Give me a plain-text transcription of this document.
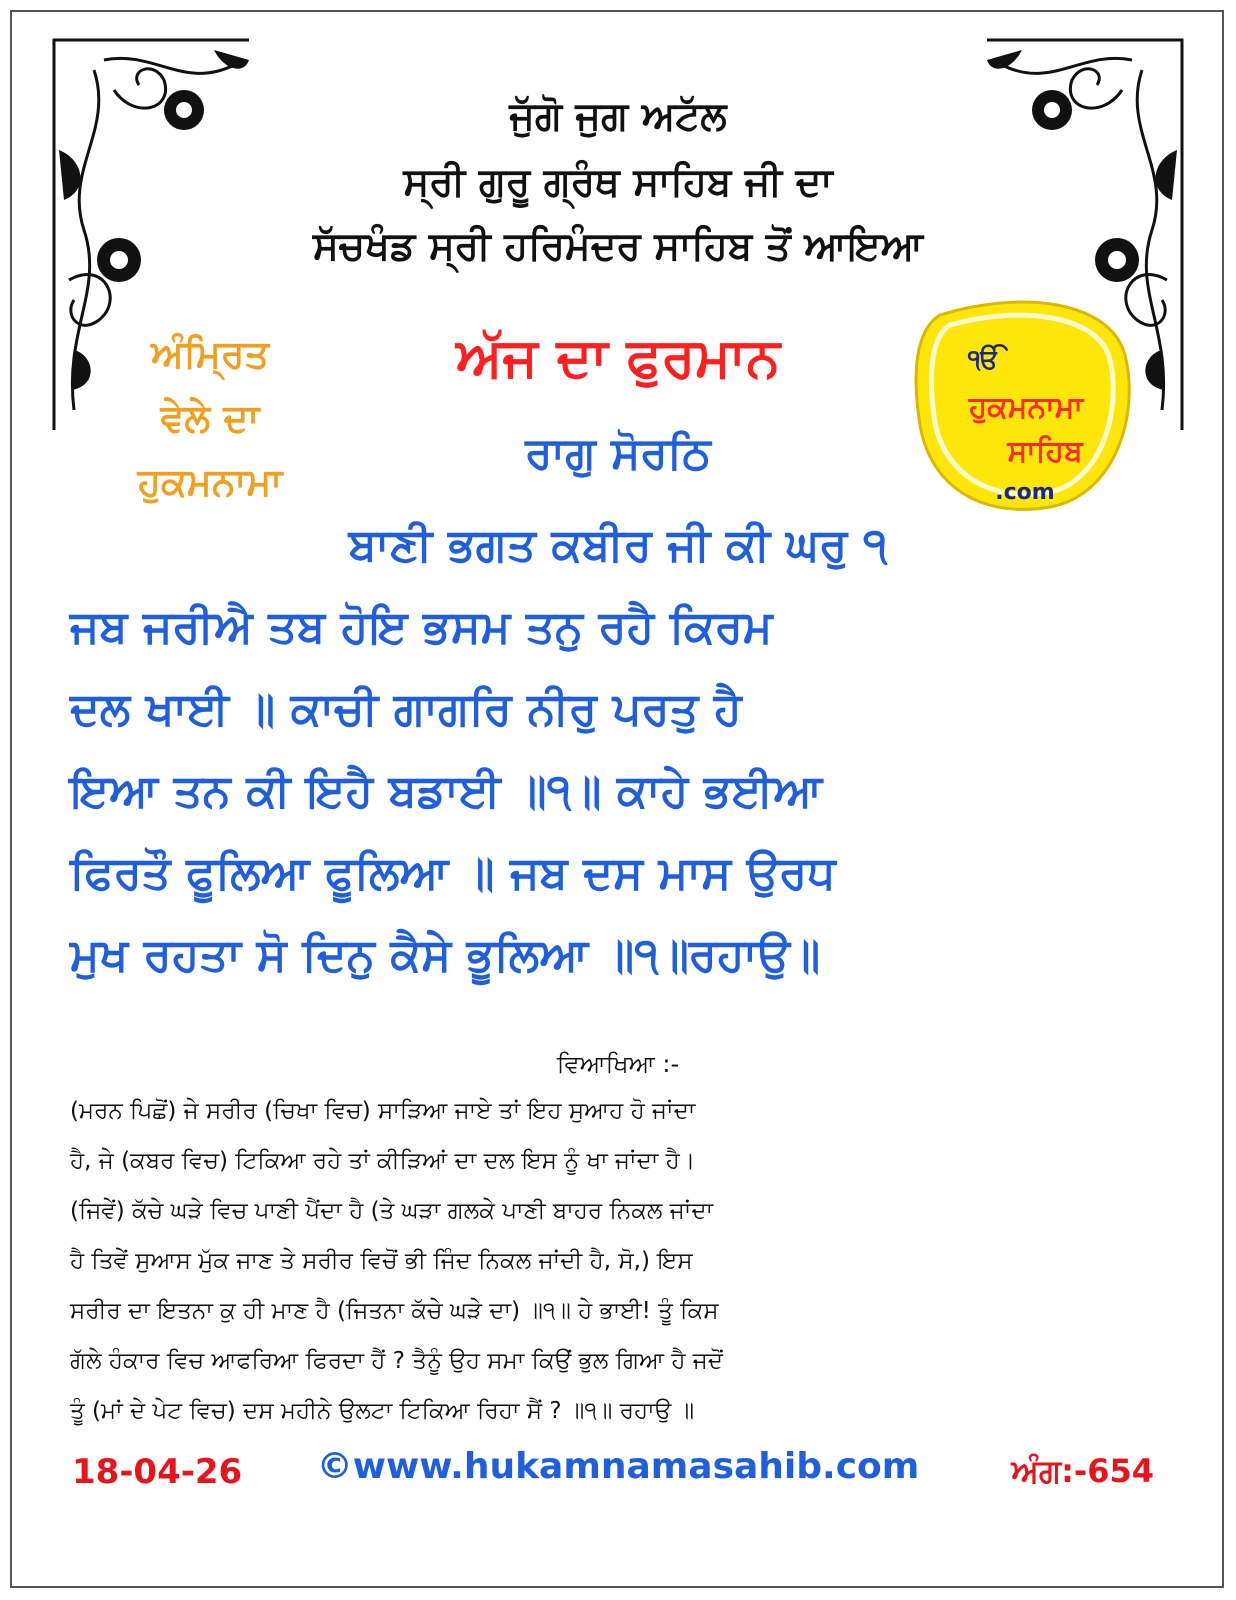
ਜੁੱਗੋ ਜੁਗ ਅਟੱਲ
ਸ੍ਰੀ ਗੁਰੂ ਗ੍ਰੰਥ ਸਾਹਿਬ ਜੀ ਦਾ
ਸੱਚਖੰਡ ਸ੍ਰੀ ਹਰਿਮੰਦਰ ਸਾਹਿਬ ਤੋਂ ਆਇਆ
ਅੰਮ੍ਰਿਤ
ਵੇਲੇ ਦਾ
ਹੁਕਮਨਾਮਾ
ਅੱਜ ਦਾ ਫੁਰਮਾਨ
ਰਾਗੁ ਸੋਰਠਿ
ੴ
ਹੁਕਮਨਾਮਾ
ਸਾਹਿਬ
.com
ਬਾਣੀ ਭਗਤ ਕਬੀਰ ਜੀ ਕੀ ਘਰੁ ੧
ਜਬ ਜਰੀਐ ਤਬ ਹੋਇ ਭਸਮ ਤਨੁ ਰਹੈ ਕਿਰਮ
ਦਲ ਖਾਈ ॥ ਕਾਚੀ ਗਾਗਰਿ ਨੀਰੁ ਪਰਤੁ ਹੈ
ਇਆ ਤਨ ਕੀ ਇਹੈ ਬਡਾਈ ॥੧॥ ਕਾਹੇ ਭਈਆ
ਫਿਰਤੌ ਫੂਲਿਆ ਫੂਲਿਆ ॥ ਜਬ ਦਸ ਮਾਸ ਉਰਧ
ਮੁਖ ਰਹਤਾ ਸੋ ਦਿਨੁ ਕੈਸੇ ਭੂਲਿਆ ॥੧॥ਰਹਾਉ॥
ਵਿਆਖਿਆ :-
(ਮਰਨ ਪਿਛੋਂ) ਜੇ ਸਰੀਰ (ਚਿਖਾ ਵਿਚ) ਸਾੜਿਆ ਜਾਏ ਤਾਂ ਇਹ ਸੁਆਹ ਹੋ ਜਾਂਦਾ
ਹੈ, ਜੇ (ਕਬਰ ਵਿਚ) ਟਿਕਿਆ ਰਹੇ ਤਾਂ ਕੀੜਿਆਂ ਦਾ ਦਲ ਇਸ ਨੂੰ ਖਾ ਜਾਂਦਾ ਹੈ।
(ਜਿਵੇਂ) ਕੱਚੇ ਘੜੇ ਵਿਚ ਪਾਣੀ ਪੈਂਦਾ ਹੈ (ਤੇ ਘੜਾ ਗਲਕੇ ਪਾਣੀ ਬਾਹਰ ਨਿਕਲ ਜਾਂਦਾ
ਹੈ ਤਿਵੇਂ ਸੁਆਸ ਮੁੱਕ ਜਾਣ ਤੇ ਸਰੀਰ ਵਿਚੋਂ ਭੀ ਜਿੰਦ ਨਿਕਲ ਜਾਂਦੀ ਹੈ, ਸੋ,) ਇਸ
ਸਰੀਰ ਦਾ ਇਤਨਾ ਕੁ ਹੀ ਮਾਣ ਹੈ (ਜਿਤਨਾ ਕੱਚੇ ਘੜੇ ਦਾ) ॥੧॥ ਹੇ ਭਾਈ! ਤੂੰ ਕਿਸ
ਗੱਲੇ ਹੰਕਾਰ ਵਿਚ ਆਫਰਿਆ ਫਿਰਦਾ ਹੈਂ ? ਤੈਨੂੰ ਉਹ ਸਮਾ ਕਿਉਂ ਭੁਲ ਗਿਆ ਹੈ ਜਦੋਂ
ਤੂੰ (ਮਾਂ ਦੇ ਪੇਟ ਵਿਚ) ਦਸ ਮਹੀਨੇ ਉਲਟਾ ਟਿਕਿਆ ਰਿਹਾ ਸੈਂ ? ॥੧॥ ਰਹਾਉ ॥
18-04-26	©www.hukamnamasahib.com	ਅੰਗ:-654
